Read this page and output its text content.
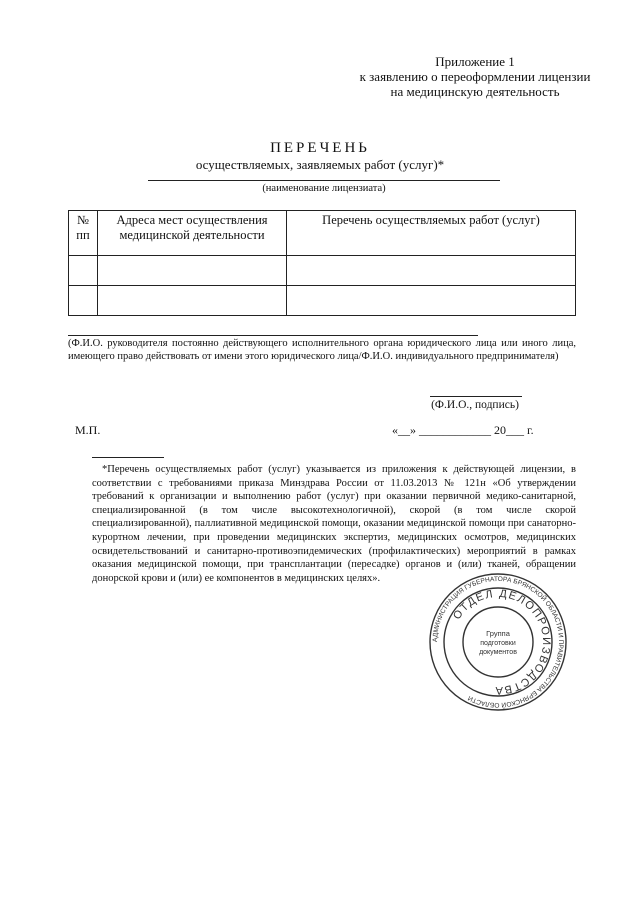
Приложение 1
к заявлению о переоформлении лицензии
на медицинскую деятельность
ПЕРЕЧЕНЬ
осуществляемых, заявляемых работ (услуг)*
(наименование лицензиата)
№ пп	Адреса мест осуществления медицинской деятельности	Перечень осуществляемых работ (услуг)

(Ф.И.О. руководителя постоянно действующего исполнительного органа юридического лица или иного лица, имеющего право действовать от имени этого юридического лица/Ф.И.О. индивидуального предпринимателя)
(Ф.И.О., подпись)
М.П.	«__» ____________ 20___ г.
*Перечень осуществляемых работ (услуг) указывается из приложения к действующей лицензии, в соответствии с требованиями приказа Минздрава России от 11.03.2013 № 121н «Об утверждении требований к организации и выполнению работ (услуг) при оказании первичной медико-санитарной, специализированной (в том числе высокотехнологичной), скорой (в том числе скорой специализированной), паллиативной медицинской помощи, оказании медицинской помощи при санаторно-курортном лечении, при проведении медицинских экспертиз, медицинских осмотров, медицинских освидетельствований и санитарно-противоэпидемических (профилактических) мероприятий в рамках оказания медицинской помощи, при трансплантации (пересадке) органов и (или) тканей, обращении донорской крови и (или) ее компонентов в медицинских целях».
АДМИНИСТРАЦИЯ ГУБЕРНАТОРА БРЯНСКОЙ ОБЛАСТИ И ПРАВИТЕЛЬСТВА БРЯНСКОЙ ОБЛАСТИ
ОТДЕЛ ДЕЛОПРОИЗВОДСТВА
Группа
подготовки
документов
